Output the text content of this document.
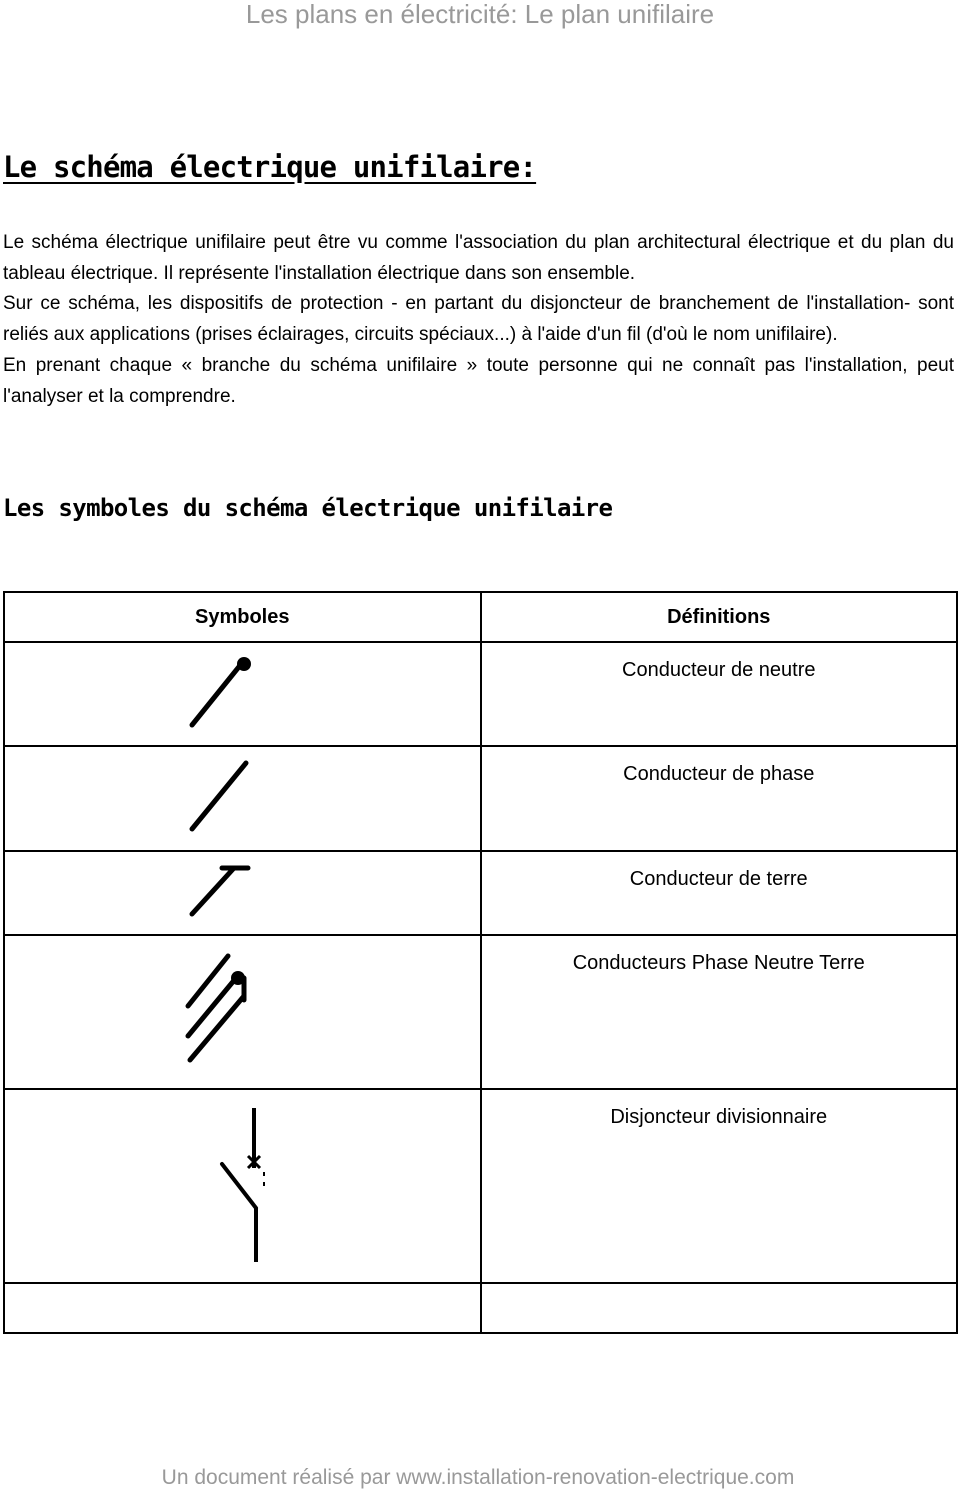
Les plans en électricité: Le plan unifilaire
Le schéma électrique unifilaire:

Le schéma électrique unifilaire peut être vu comme l'association du plan architectural électrique et du plan du tableau électrique. Il représente l'installation électrique dans son ensemble.

Sur ce schéma, les dispositifs de protection - en partant du disjoncteur de branchement de l'installation- sont reliés aux applications (prises éclairages, circuits spéciaux...) à l'aide d'un fil (d'où le nom unifilaire).

En prenant chaque « branche du schéma unifilaire » toute personne qui ne connaît pas l'installation, peut l'analyser et la comprendre.

Les symboles du schéma électrique unifilaire
Symboles	Définitions

	Conducteur de neutre

	Conducteur de phase

	Conducteur de terre

	Conducteurs Phase Neutre Terre

	Disjoncteur divisionnaire

Un document réalisé par www.installation-renovation-electrique.com
